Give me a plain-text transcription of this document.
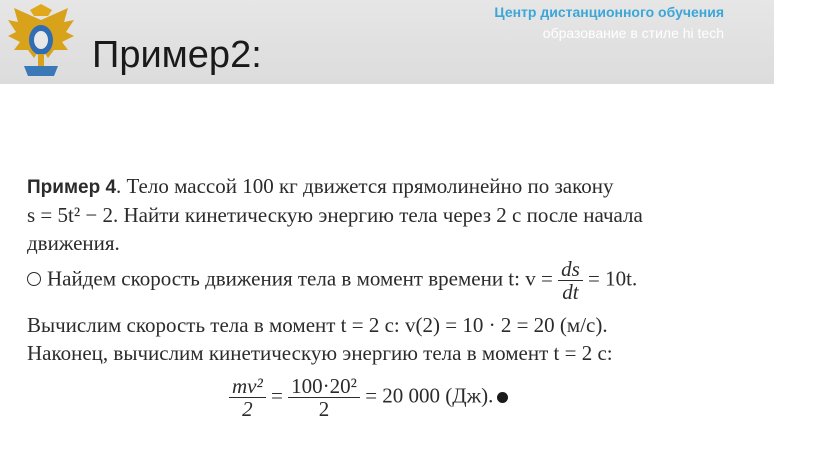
Пример2:
Центр дистанционного обучения
образование в стиле hi tech
Пример 4. Тело массой 100 кг движется прямолинейно по закону
s = 5t² − 2. Найти кинетическую энергию тела через 2 с после начала
движения.
Найдем скорость движения тела в момент времени t: $v = \frac{ds}{dt} = 10t$.
Вычислим скорость тела в момент t = 2 с: v(2) = 10 · 2 = 20 (м/с).
Наконец, вычислим кинетическую энергию тела в момент t = 2 с:
$\frac{\text{mv²}}{2} = \frac{\text{100·20²}}{2} = 20$ 000 (Дж).
